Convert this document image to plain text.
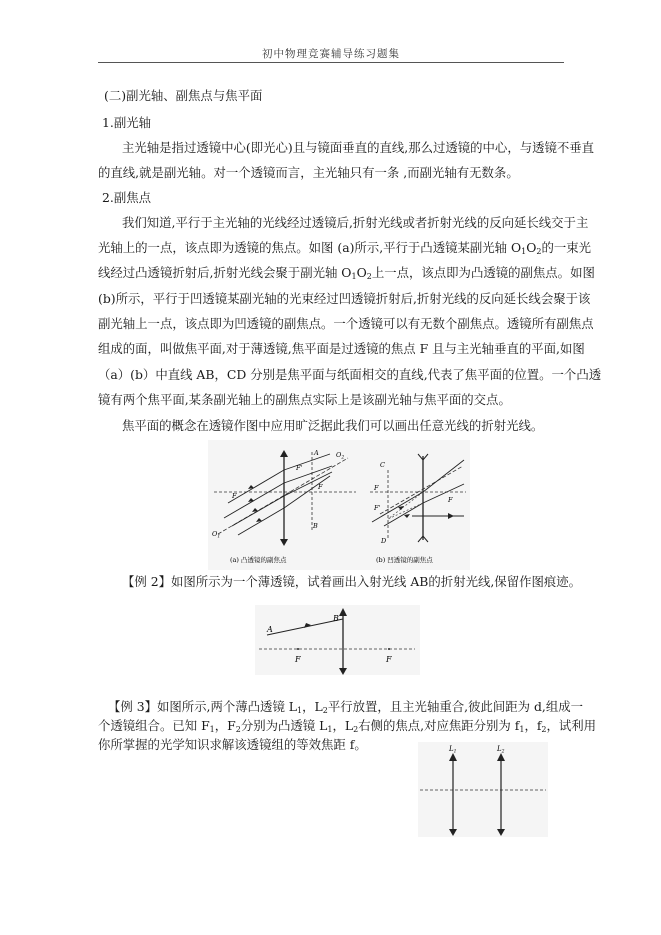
初中物理竞赛辅导练习题集
(二)副光轴、副焦点与焦平面
1.副光轴
主光轴是指过透镜中心(即光心)且与镜面垂直的直线,那么过透镜的中心，与透镜不垂直
的直线,就是副光轴。对一个透镜而言，主光轴只有一条 ,而副光轴有无数条。
2.副焦点
我们知道,平行于主光轴的光线经过透镜后,折射光线或者折射光线的反向延长线交于主
光轴上的一点，该点即为透镜的焦点。如图 (a)所示,平行于凸透镜某副光轴 $O_1O_2$的一束光
线经过凸透镜折射后,折射光线会聚于副光轴 $O_1O_2$上一点，该点即为凸透镜的副焦点。如图
(b)所示，平行于凹透镜某副光轴的光束经过凹透镜折射后,折射光线的反向延长线会聚于该
副光轴上一点，该点即为凹透镜的副焦点。一个透镜可以有无数个副焦点。透镜所有副焦点
组成的面，叫做焦平面,对于薄透镜,焦平面是过透镜的焦点 F 且与主光轴垂直的平面,如图
（a）(b）中直线 AB，CD 分别是焦平面与纸面相交的直线,代表了焦平面的位置。一个凸透
镜有两个焦平面,某条副光轴上的副焦点实际上是该副光轴与焦平面的交点。
焦平面的概念在透镜作图中应用旷泛据此我们可以画出任意光线的折射光线。
A	$O_2$
F'
F
F
B
$O_1$
(a) 凸透镜的副焦点
C
F
F'
F
D
(b) 凹透镜的副焦点
【例 2】如图所示为一个薄透镜，试着画出入射光线 AB的折射光线,保留作图痕迹。
A
B
F	F
【例 3】如图所示,两个薄凸透镜 $L_1$，$L_2$平行放置，且主光轴重合,彼此间距为 d,组成一
个透镜组合。已知 $F_1$，$F_2$分别为凸透镜 $L_1$，$L_2$右侧的焦点,对应焦距分别为 $f_1$，$f_2$，试利用
你所掌握的光学知识求解该透镜组的等效焦距 f。	$L_1$	$L_2$
